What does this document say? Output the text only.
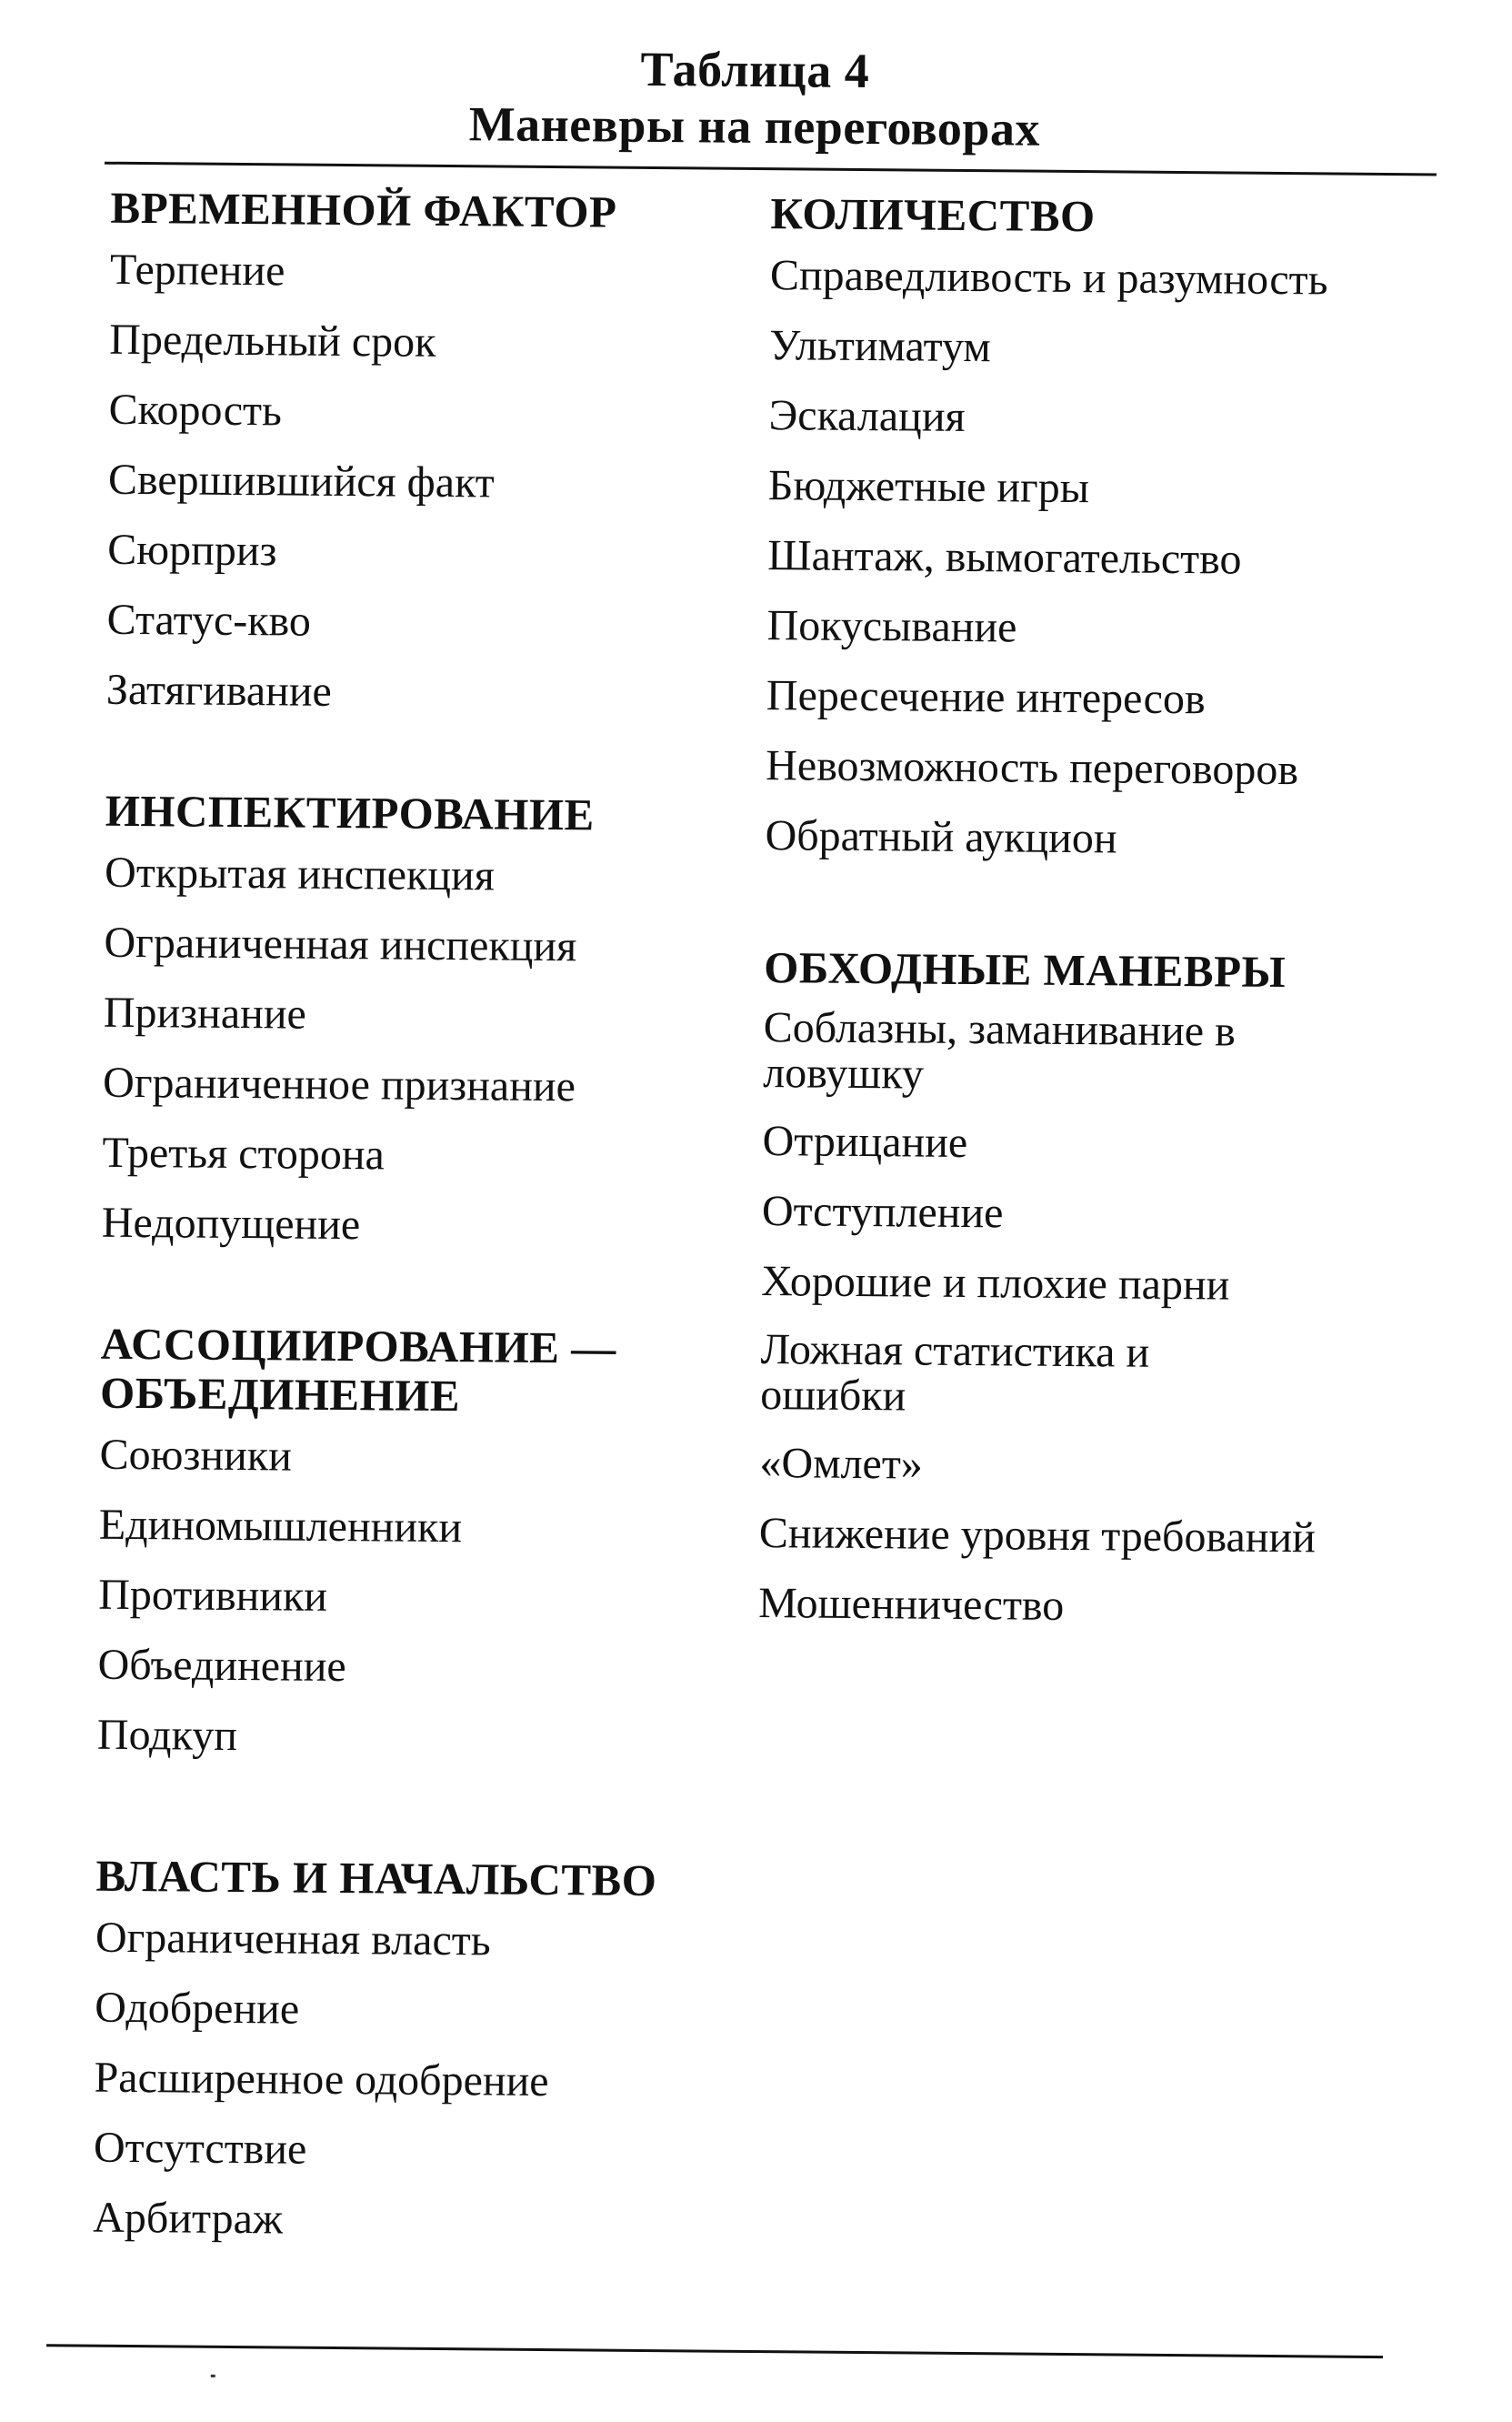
Таблица 4
Маневры на переговорах
ВРЕМЕННОЙ ФАКТОР
Терпение
Предельный срок
Скорость
Свершившийся факт
Сюрприз
Статус-кво
Затягивание
ИНСПЕКТИРОВАНИЕ
Открытая инспекция
Ограниченная инспекция
Признание
Ограниченное признание
Третья сторона
Недопущение
АССОЦИИРОВАНИЕ — ОБЪЕДИНЕНИЕ
Союзники
Единомышленники
Противники
Объединение
Подкуп
ВЛАСТЬ И НАЧАЛЬСТВО
Ограниченная власть
Одобрение
Расширенное одобрение
Отсутствие
Арбитраж
КОЛИЧЕСТВО
Справедливость и разумность
Ультиматум
Эскалация
Бюджетные игры
Шантаж, вымогательство
Покусывание
Пересечение интересов
Невозможность переговоров
Обратный аукцион
ОБХОДНЫЕ МАНЕВРЫ
Соблазны, заманивание в ловушку
Отрицание
Отступление
Хорошие и плохие парни
Ложная статистика и ошибки
«Омлет»
Снижение уровня требований
Мошенничество
